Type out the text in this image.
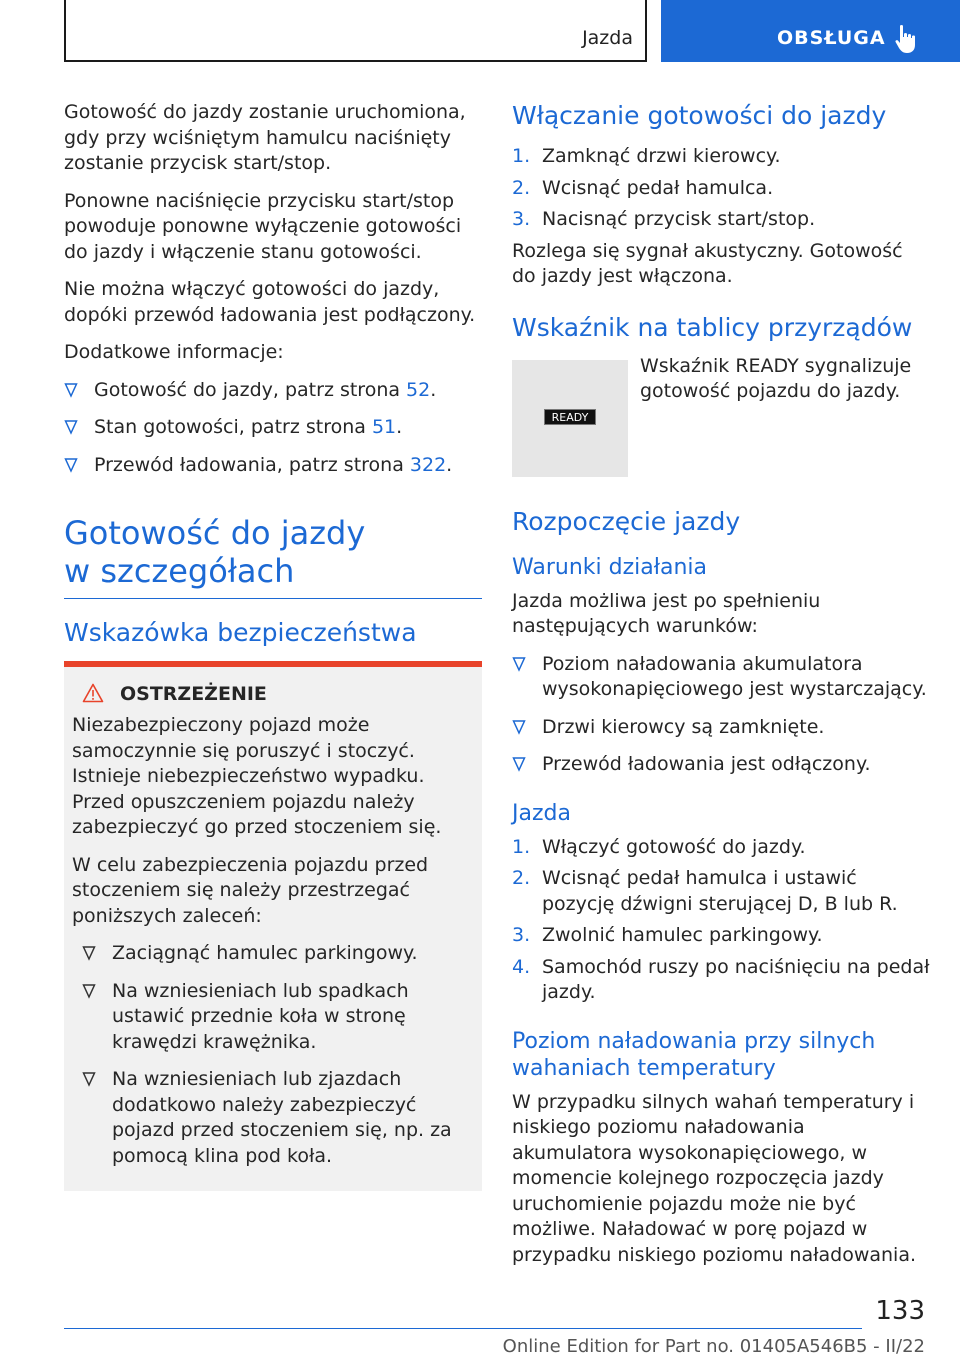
Jazda	OBSŁUGA

Gotowość do jazdy zostanie uruchomiona, gdy przy wciśniętym hamulcu naciśnięty zostanie przycisk start/stop.

Ponowne naciśnięcie przycisku start/stop powoduje ponowne wyłączenie gotowości do jazdy i włączenie stanu gotowości.

Nie można włączyć gotowości do jazdy, dopóki przewód ładowania jest podłączony.

Dodatkowe informacje:

Gotowość do jazdy, patrz strona 52.
Stan gotowości, patrz strona 51.
Przewód ładowania, patrz strona 322.
Gotowość do jazdy
w szczegółach
Wskazówka bezpieczeństwa
OSTRZEŻENIE

Niezabezpieczony pojazd może samoczynnie się poruszyć i stoczyć. Istnieje niebezpieczeństwo wypadku. Przed opuszczeniem pojazdu należy zabezpieczyć go przed stoczeniem się.

W celu zabezpieczenia pojazdu przed stoczeniem się należy przestrzegać poniższych zaleceń:

Zaciągnąć hamulec parkingowy.
Na wzniesieniach lub spadkach ustawić przednie koła w stronę krawędzi krawężnika.
Na wzniesieniach lub zjazdach dodatkowo należy zabezpieczyć pojazd przed stoczeniem się, np. za pomocą klina pod koła.
Włączanie gotowości do jazdy
1. Zamknąć drzwi kierowcy.
2. Wcisnąć pedał hamulca.
3. Nacisnąć przycisk start/stop.

Rozlega się sygnał akustyczny. Gotowość do jazdy jest włączona.

Wskaźnik na tablicy przyrządów
READY

Wskaźnik READY sygnalizuje gotowość pojazdu do jazdy.

Rozpoczęcie jazdy
Warunki działania

Jazda możliwa jest po spełnieniu następujących warunków:

Poziom naładowania akumulatora wysokonapięciowego jest wystarczający.
Drzwi kierowcy są zamknięte.
Przewód ładowania jest odłączony.
Jazda
1. Włączyć gotowość do jazdy.
2. Wcisnąć pedał hamulca i ustawić pozycję dźwigni sterującej D, B lub R.
3. Zwolnić hamulec parkingowy.
4. Samochód ruszy po naciśnięciu na pedał jazdy.
Poziom naładowania przy silnych wahaniach temperatury

W przypadku silnych wahań temperatury i niskiego poziomu naładowania akumulatora wysokonapięciowego, w momencie kolejnego rozpoczęcia jazdy uruchomienie pojazdu może nie być możliwe. Naładować w porę pojazd w przypadku niskiego poziomu naładowania.

133
Online Edition for Part no. 01405A546B5 - II/22
